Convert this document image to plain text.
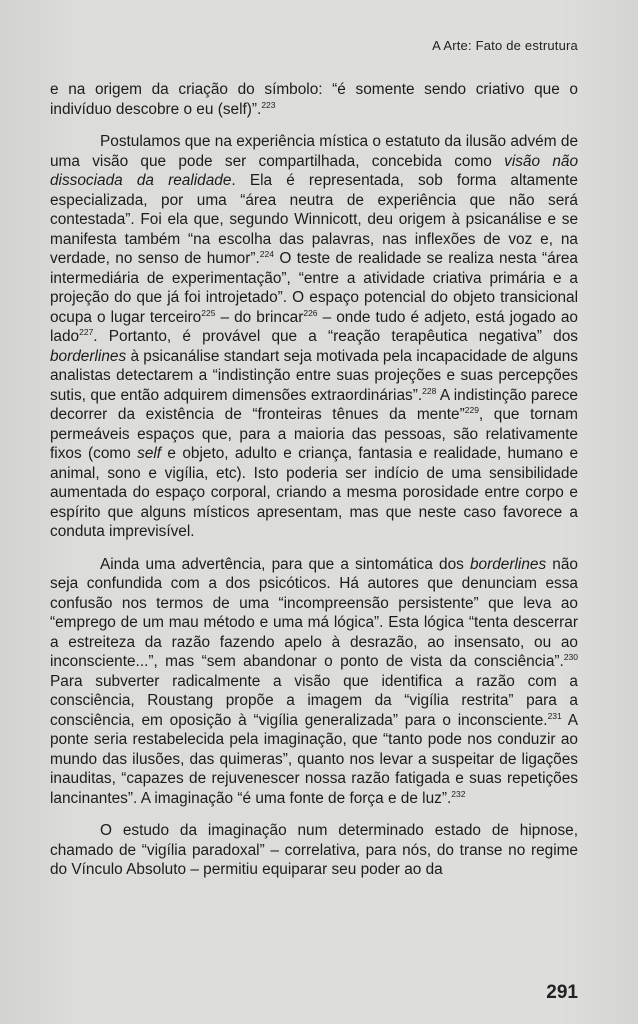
A Arte: Fato de estrutura

e na origem da criação do símbolo: “é somente sendo criativo que o indivíduo descobre o eu (self)”.$^{223}$

Postulamos que na experiência mística o estatuto da ilusão advém de uma visão que pode ser compartilhada, concebida como visão não dissociada da realidade. Ela é representada, sob forma altamente especializada, por uma “área neutra de experiência que não será contestada”. Foi ela que, segundo Winnicott, deu origem à psicanálise e se manifesta também “na escolha das palavras, nas inflexões de voz e, na verdade, no senso de humor”.$^{224}$ O teste de realidade se realiza nesta “área intermediária de experimentação”, “entre a atividade criativa primária e a projeção do que já foi introjetado”. O espaço potencial do objeto transicional ocupa o lugar terceiro$^{225}$ – do brincar$^{226}$ – onde tudo é adjeto, está jogado ao lado$^{227}$. Portanto, é provável que a “reação terapêutica negativa” dos borderlines à psicanálise standart seja motivada pela incapacidade de alguns analistas detectarem a “indistinção entre suas projeções e suas percepções sutis, que então adquirem dimensões extraordinárias”.$^{228}$ A indistinção parece decorrer da existência de “fronteiras tênues da mente”$^{229}$, que tornam permeáveis espaços que, para a maioria das pessoas, são relativamente fixos (como self e objeto, adulto e criança, fantasia e realidade, humano e animal, sono e vigília, etc). Isto poderia ser indício de uma sensibilidade aumentada do espaço corporal, criando a mesma porosidade entre corpo e espírito que alguns místicos apresentam, mas que neste caso favorece a conduta imprevisível.

Ainda uma advertência, para que a sintomática dos borderlines não seja confundida com a dos psicóticos. Há autores que denunciam essa confusão nos termos de uma “incompreensão persistente” que leva ao “emprego de um mau método e uma má lógica”. Esta lógica “tenta descerrar a estreiteza da razão fazendo apelo à desrazão, ao insensato, ou ao inconsciente...”, mas “sem abandonar o ponto de vista da consciência”.$^{230}$ Para subverter radicalmente a visão que identifica a razão com a consciência, Roustang propõe a imagem da “vigília restrita” para a consciência, em oposição à “vigília generalizada” para o inconsciente.$^{231}$ A ponte seria restabelecida pela imaginação, que “tanto pode nos conduzir ao mundo das ilusões, das quimeras”, quanto nos levar a suspeitar de ligações inauditas, “capazes de rejuvenescer nossa razão fatigada e suas repetições lancinantes”. A imaginação “é uma fonte de força e de luz”.$^{232}$

O estudo da imaginação num determinado estado de hipnose, chamado de “vigília paradoxal” – correlativa, para nós, do transe no regime do Vínculo Absoluto – permitiu equiparar seu poder ao da

291
